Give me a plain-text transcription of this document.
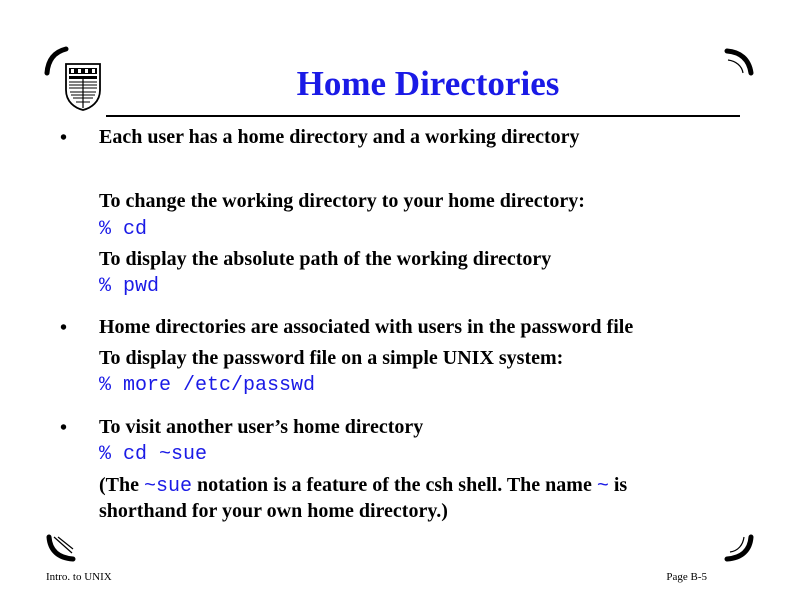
Home Directories
• Each user has a home directory and a working directory
To change the working directory to your home directory:
% cd
To display the absolute path of the working directory
% pwd
• Home directories are associated with users in the password file
To display the password file on a simple UNIX system:
% more /etc/passwd
• To visit another user’s home directory
% cd ~sue
(The ~sue notation is a feature of the csh shell. The name ~ is
shorthand for your own home directory.)
Intro. to UNIX	Page B-5
